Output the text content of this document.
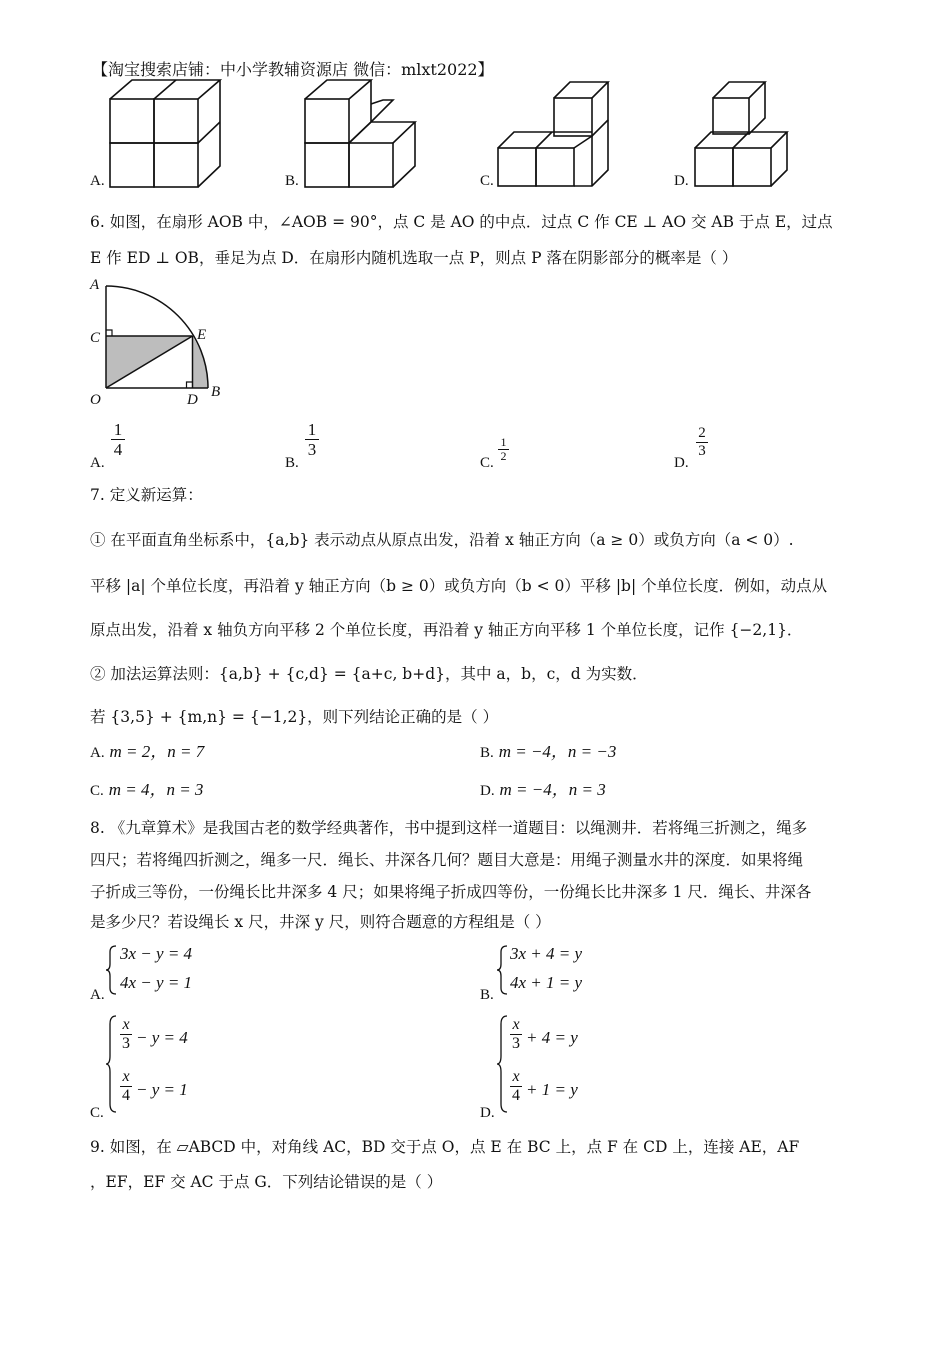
【淘宝搜索店铺：中小学教辅资源店 微信：mlxt2022】
A.	B.	C.	D.
6. 如图，在扇形 AOB 中，∠AOB = 90°，点 C 是 AO 的中点．过点 C 作 CE ⊥ AO 交 AB 于点 E，过点
E 作 ED ⊥ OB，垂足为点 D．在扇形内随机选取一点 P，则点 P 落在阴影部分的概率是（ ）
A
C	E
O	D B
A.
1
4
B.
1
3
C.
1
2	D.
2
3
7. 定义新运算：
① 在平面直角坐标系中，{a,b} 表示动点从原点出发，沿着 x 轴正方向（a ≥ 0）或负方向（a < 0）.
平移 |a| 个单位长度，再沿着 y 轴正方向（b ≥ 0）或负方向（b < 0）平移 |b| 个单位长度．例如，动点从
原点出发，沿着 x 轴负方向平移 2 个单位长度，再沿着 y 轴正方向平移 1 个单位长度，记作 {−2,1}．
② 加法运算法则：{a,b} + {c,d} = {a+c, b+d}，其中 a，b，c，d 为实数．
若 {3,5} + {m,n} = {−1,2}，则下列结论正确的是（ ）
A. m = 2，n = 7	B. m = −4，n = −3
C. m = 4，n = 3	D. m = −4，n = 3
8. 《九章算术》是我国古老的数学经典著作，书中提到这样一道题目：以绳测井．若将绳三折测之，绳多
四尺；若将绳四折测之，绳多一尺．绳长、井深各几何？题目大意是：用绳子测量水井的深度．如果将绳
子折成三等份，一份绳长比井深多 4 尺；如果将绳子折成四等份，一份绳长比井深多 1 尺．绳长、井深各
是多少尺？若设绳长 x 尺，井深 y 尺，则符合题意的方程组是（ ）
A.
3x − y = 4
4x − y = 1
B.
3x + 4 = y
4x + 1 = y
C.
x
3 − y = 4
x
4 − y = 1
D.
x
3 + 4 = y
x
4 + 1 = y
9. 如图，在 ▱ABCD 中，对角线 AC，BD 交于点 O，点 E 在 BC 上，点 F 在 CD 上，连接 AE，AF
，EF，EF 交 AC 于点 G．下列结论错误的是（ ）
